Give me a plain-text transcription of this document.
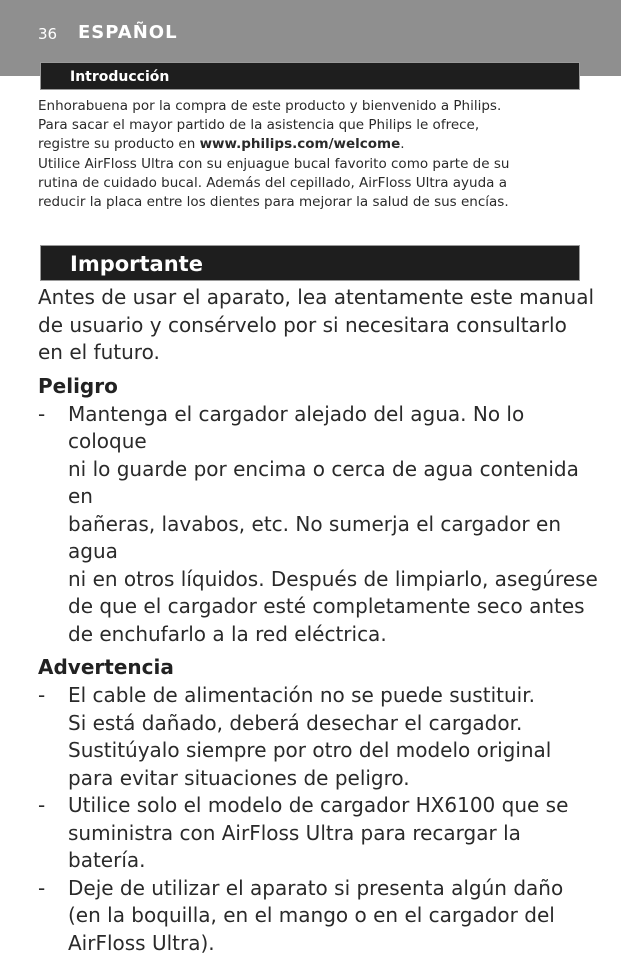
36 ESPAÑOL
Introducción

Enhorabuena por la compra de este producto y bienvenido a Philips.

Para sacar el mayor partido de la asistencia que Philips le ofrece,

registre su producto en www.philips.com/welcome.

Utilice AirFloss Ultra con su enjuague bucal favorito como parte de su

rutina de cuidado bucal. Además del cepillado, AirFloss Ultra ayuda a

reducir la placa entre los dientes para mejorar la salud de sus encías.

Importante

Antes de usar el aparato, lea atentamente este manual

de usuario y consérvelo por si necesitara consultarlo

en el futuro.

Peligro

-	Mantenga el cargador alejado del agua. No lo coloque
ni lo guarde por encima o cerca de agua contenida en
bañeras, lavabos, etc. No sumerja el cargador en agua
ni en otros líquidos. Después de limpiarlo, asegúrese
de que el cargador esté completamente seco antes
de enchufarlo a la red eléctrica.

Advertencia

-	El cable de alimentación no se puede sustituir.
Si está dañado, deberá desechar el cargador.
Sustitúyalo siempre por otro del modelo original
para evitar situaciones de peligro.
-	Utilice solo el modelo de cargador HX6100 que se
suministra con AirFloss Ultra para recargar la batería.
-	Deje de utilizar el aparato si presenta algún daño
(en la boquilla, en el mango o en el cargador del
AirFloss Ultra).
